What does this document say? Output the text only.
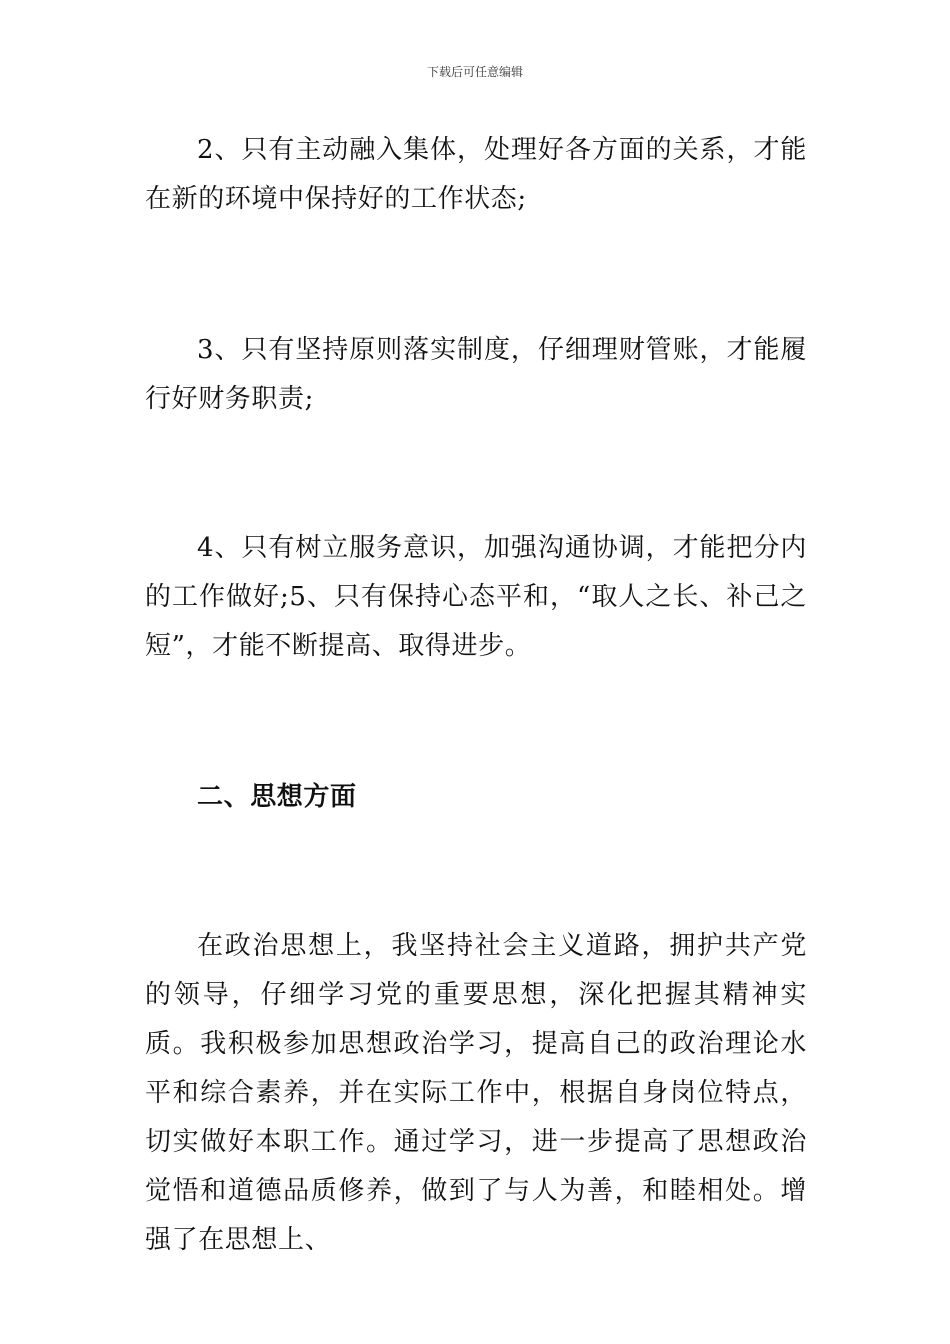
下载后可任意编辑

2、只有主动融入集体，处理好各方面的关系，才能在新的环境中保持好的工作状态;

3、只有坚持原则落实制度，仔细理财管账，才能履行好财务职责;

4、只有树立服务意识，加强沟通协调，才能把分内的工作做好;5、只有保持心态平和，“取人之长、补己之短”，才能不断提高、取得进步。

二、思想方面

在政治思想上，我坚持社会主义道路，拥护共产党的领导，仔细学习党的重要思想，深化把握其精神实质。我积极参加思想政治学习，提高自己的政治理论水平和综合素养，并在实际工作中，根据自身岗位特点，切实做好本职工作。通过学习，进一步提高了思想政治觉悟和道德品质修养，做到了与人为善，和睦相处。增强了在思想上、
